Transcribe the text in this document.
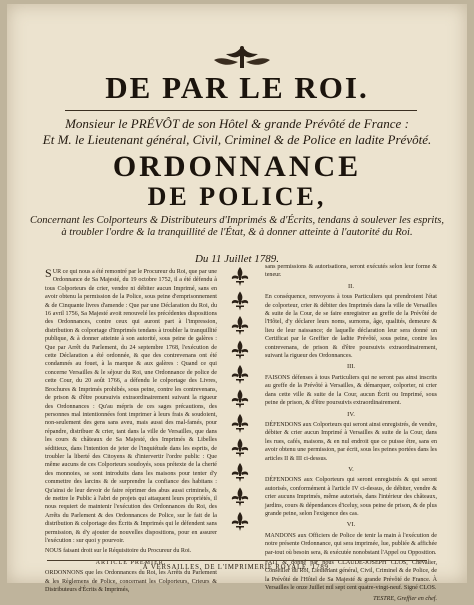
DE PAR LE ROI.
Monsieur le PRÉVÔT de son Hôtel & grande Prévôté de France :
Et M. le Lieutenant général, Civil, Criminel & de Police en ladite Prévôté.
ORDONNANCE
DE POLICE,
Concernant les Colporteurs & Distributeurs d'Imprimés & d'Écrits, tendans à soulever les esprits,
à troubler l'ordre & la tranquillité de l'État, & à donner atteinte à l'autorité du Roi.
Du 11 Juillet 1789.

SUR ce qui nous a été remontré par le Procureur du Roi, que par une Ordonnance de Sa Majesté, du 19 octobre 1752, il a été défendu à tous Colporteurs de crier, vendre ni débiter aucun Imprimé, sans en avoir obtenu la permission de la Police, sous peine d'emprisonnement & de Cinquante livres d'amende : Que par une Déclaration du Roi, du 16 avril 1756, Sa Majesté avoit renouvelé les précédentes dispositions des Ordonnances, contre ceux qui auront part à l'impression, distribution & colportage d'Imprimés tendans à troubler la tranquillité publique, & à donner atteinte à son autorité, sous peine de galères : Que par Arrêt du Parlement, du 24 septembre 1768, l'exécution de cette Déclaration a été ordonnée, & que des contrevenans ont été condamnés au fouet, à la marque & aux galères : Quand ce qui concerne Versailles & le séjour du Roi, une Ordonnance de police de cette Cour, du 20 août 1766, a défendu le colportage des Livres, Brochures & Imprimés prohibés, sous peine, contre les contrevenans, de prison & d'être poursuivis extraordinairement suivant la rigueur des Ordonnances : Qu'au mépris de ces sages précautions, des personnes mal intentionnées font imprimer à leurs frais & soudoient, non-seulement des gens sans aveu, mais aussi des mal-famés, pour répandre, distribuer & crier, tant dans la ville de Versailles, que dans les cours & châteaux de Sa Majesté, des Imprimés & Libelles séditieux, dans l'intention de jeter de l'inquiétude dans les esprits, de troubler la liberté des Citoyens & d'intervertir l'ordre public : Que même aucuns de ces Colporteurs soudoyés, sous prétexte de la cherté des monnoies, se sont introduits dans les maisons pour tenter d'y commettre des larcins & de surprendre la confiance des habitans : Qu'ainsi de leur devoir de faire réprimer des abus aussi criminels, & de mettre le Public à l'abri de projets qui attaquent leurs propriétés, il nous requiert de maintenir l'exécution des Ordonnances du Roi, des Arrêts du Parlement & des Ordonnances de Police, sur le fait de la distribution & colportage des Écrits & Imprimés qui le défendent sans permission, & d'y ajouter de nouvelles dispositions, pour en assurer l'exécution : sur quoi y pourvoir.

NOUS faisant droit sur le Réquisitoire du Procureur du Roi.

ARTICLE PREMIER.

ORDONNONS que les Ordonnances du Roi, les Arrêts du Parlement & les Règlemens de Police, concernant les Colporteurs, Crieurs & Distributeurs d'Écrits & Imprimés,

sans permissions & autorisations, seront exécutés selon leur forme & teneur.

II.

En conséquence, renvoyons à tous Particuliers qui prendroient l'état de colporteur, crier & débiter des Imprimés dans la ville de Versailles & suite de la Cour, de se faire enregistrer au greffe de la Prévôté de l'Hôtel, d'y déclarer leurs noms, surnoms, âge, qualités, demeure & lieu de leur naissance; de laquelle déclaration leur sera donné un Certificat par le Greffier de ladite Prévôté, sous peine, contre les contrevenans, de prison & d'être poursuivis extraordinairement, suivant la rigueur des Ordonnances.

III.

FAISONS défenses à tous Particuliers qui ne seront pas ainsi inscrits au greffe de la Prévôté à Versailles, & démarquer, colporter, ni crier dans cette ville & suite de la Cour, aucun Écrit ou Imprimé, sous peine de prison, & d'être poursuivis extraordinairement.

IV.

DÉFENDONS aux Colporteurs qui seront ainsi enregistrés, de vendre, débiter & crier aucun Imprimé à Versailles & suite de la Cour, dans les rues, cafés, maisons, & en nul endroit que ce puisse être, sans en avoir obtenu une permission, par écrit, sous les peines portées dans les articles II & III ci-dessus.

V.

DÉFENDONS aux Colporteurs qui seront enregistrés & qui seront autorisés, conformément à l'article IV ci-dessus, de débiter, vendre & crier aucuns Imprimés, même autorisés, dans l'intérieur des châteaux, jardins, cours & dépendances d'iceluy, sous peine de prison, & de plus grande peine, selon l'exigence des cas.

VI.

MANDONS aux Officiers de Police de tenir la main à l'exécution de notre présente Ordonnance, qui sera imprimée, lue, publiée & affichée par-tout où besoin sera, & exécutée nonobstant l'Appel ou Opposition.

FAIT & donné par nous CLAUDE-JOSEPH CLOS, Chevalier, Conseiller du Roi, Lieutenant général, Civil, Criminel & de Police, de la Prévôté de l'Hôtel de Sa Majesté & grande Prévôté de France. À Versailles le onze Juillet mil sept cent quatre-vingt-neuf. Signé CLOS.

TESTRE, Greffier en chef.

À VERSAILLES, DE L'IMPRIMERIE ROYALE. 1789.
